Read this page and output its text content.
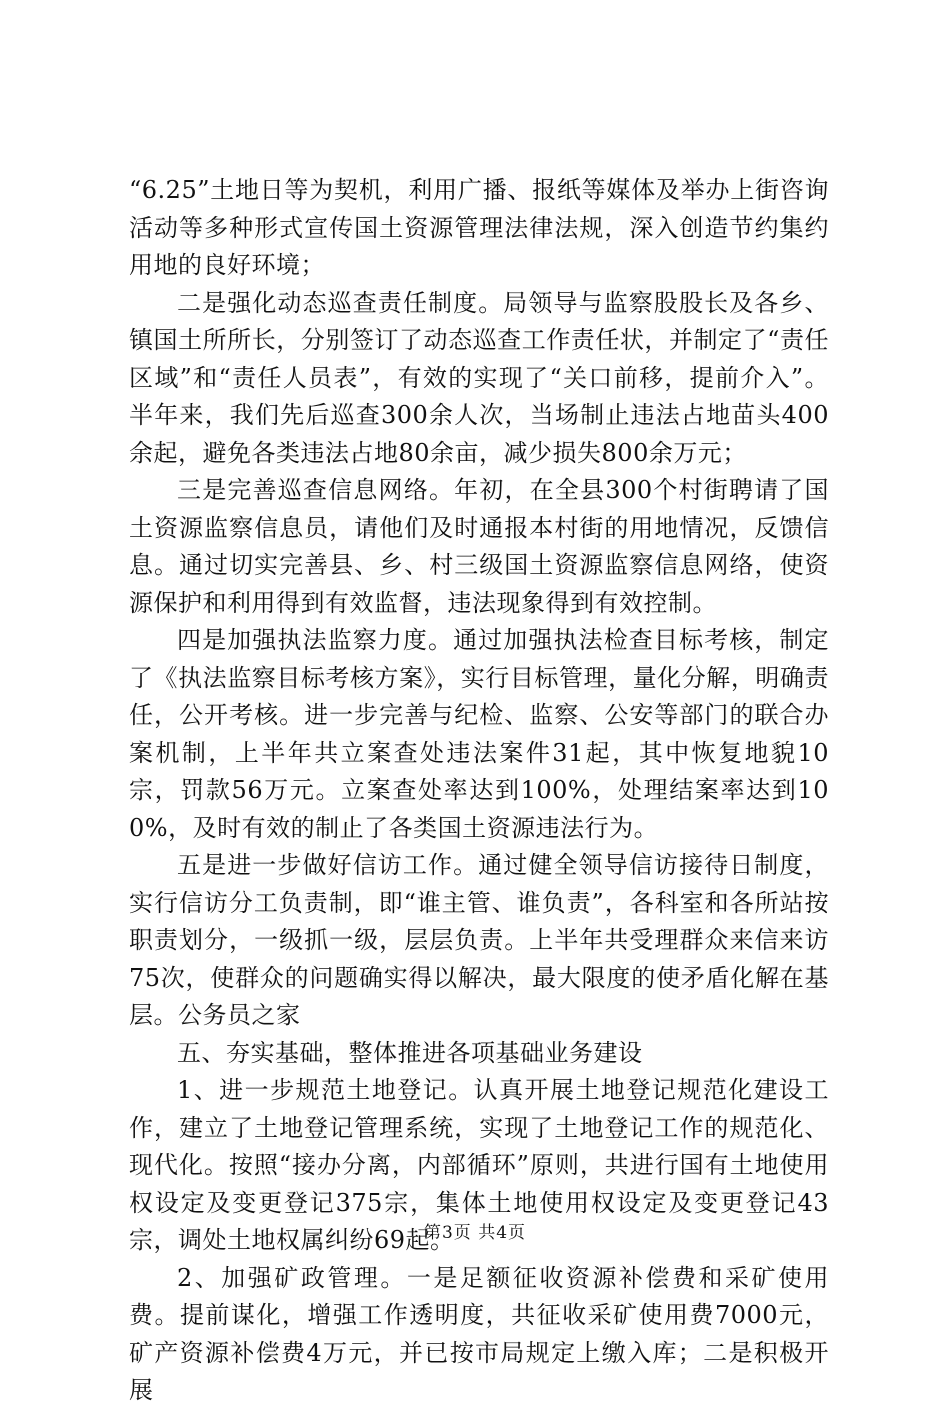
“6.25”土地日等为契机，利用广播、报纸等媒体及举办上街咨询活动等多种形式宣传国土资源管理法律法规，深入创造节约集约用地的良好环境；

二是强化动态巡查责任制度。局领导与监察股股长及各乡、镇国土所所长，分别签订了动态巡查工作责任状，并制定了“责任区域”和“责任人员表”，有效的实现了“关口前移，提前介入”。半年来，我们先后巡查300余人次，当场制止违法占地苗头400余起，避免各类违法占地80余亩，减少损失800余万元；

三是完善巡查信息网络。年初，在全县300个村街聘请了国土资源监察信息员，请他们及时通报本村街的用地情况，反馈信息。通过切实完善县、乡、村三级国土资源监察信息网络，使资源保护和利用得到有效监督，违法现象得到有效控制。

四是加强执法监察力度。通过加强执法检查目标考核，制定了《执法监察目标考核方案》，实行目标管理，量化分解，明确责任，公开考核。进一步完善与纪检、监察、公安等部门的联合办案机制，上半年共立案查处违法案件31起，其中恢复地貌10宗，罚款56万元。立案查处率达到100%，处理结案率达到100%，及时有效的制止了各类国土资源违法行为。

五是进一步做好信访工作。通过健全领导信访接待日制度，实行信访分工负责制，即“谁主管、谁负责”，各科室和各所站按职责划分，一级抓一级，层层负责。上半年共受理群众来信来访75次，使群众的问题确实得以解决，最大限度的使矛盾化解在基层。公务员之家

五、夯实基础，整体推进各项基础业务建设

1、进一步规范土地登记。认真开展土地登记规范化建设工作，建立了土地登记管理系统，实现了土地登记工作的规范化、现代化。按照“接办分离，内部循环”原则，共进行国有土地使用权设定及变更登记375宗，集体土地使用权设定及变更登记43宗，调处土地权属纠纷69起。

2、加强矿政管理。一是足额征收资源补偿费和采矿使用费。提前谋化，增强工作透明度，共征收采矿使用费7000元，矿产资源补偿费4万元，并已按市局规定上缴入库；二是积极开展

第3页 共4页
